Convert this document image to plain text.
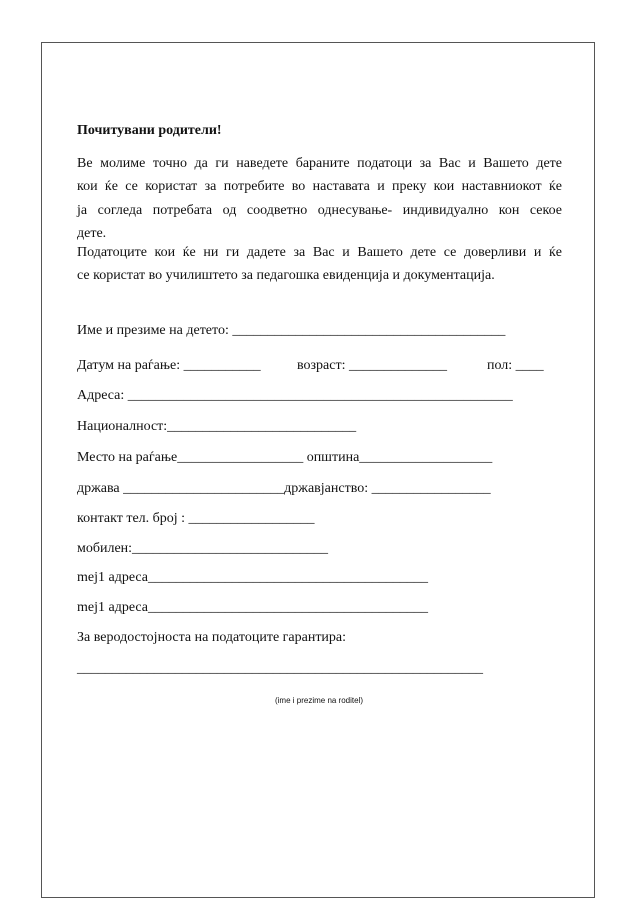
Почитувани родители!
Ве молиме точно да ги наведете бараните податоци за Вас и Вашето дете
кои ќе се користат за потребите во наставата и преку кои наставниокот ќе
ја согледа потребата од соодветно однесување- индивидуално кон секое
дете.
Податоците кои ќе ни ги дадете за Вас и Вашето дете се доверливи и ќе
се користат во училиштето за педагошка евиденција и документација.
Име и презиме на детето: _______________________________________
Датум на раѓање: ___________	возраст: ______________	пол: ____
Адреса: _______________________________________________________
Националност:___________________________
Место на раѓање__________________ општина___________________
држава _______________________државјанство: _________________
контакт тел. број : __________________
мобилен:____________________________
mej1 адреса________________________________________
mej1 адреса________________________________________
За веродостојноста на податоците гарантира:
__________________________________________________________
(ime i prezime na roditel)
